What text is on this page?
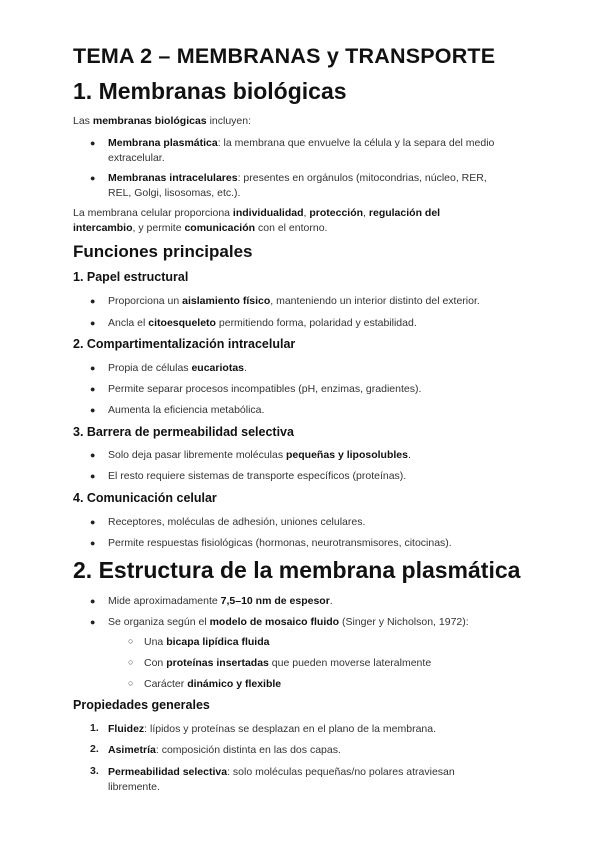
TEMA 2 – MEMBRANAS y TRANSPORTE
1. Membranas biológicas

Las membranas biológicas incluyen:

● Membrana plasmática: la membrana que envuelve la célula y la separa del medio
extracelular.

● Membranas intracelulares: presentes en orgánulos (mitocondrias, núcleo, RER,
REL, Golgi, lisosomas, etc.).

La membrana celular proporciona individualidad, protección, regulación del
intercambio, y permite comunicación con el entorno.

Funciones principales
1. Papel estructural
● Proporciona un aislamiento físico, manteniendo un interior distinto del exterior.

● Ancla el citoesqueleto permitiendo forma, polaridad y estabilidad.

2. Compartimentalización intracelular
● Propia de células eucariotas.

● Permite separar procesos incompatibles (pH, enzimas, gradientes).

● Aumenta la eficiencia metabólica.

3. Barrera de permeabilidad selectiva
● Solo deja pasar libremente moléculas pequeñas y liposolubles.

● El resto requiere sistemas de transporte específicos (proteínas).

4. Comunicación celular
● Receptores, moléculas de adhesión, uniones celulares.

● Permite respuestas fisiológicas (hormonas, neurotransmisores, citocinas).

2. Estructura de la membrana plasmática
● Mide aproximadamente 7,5–10 nm de espesor.

● Se organiza según el modelo de mosaico fluido (Singer y Nicholson, 1972):

○ Una bicapa lipídica fluida

○ Con proteínas insertadas que pueden moverse lateralmente

○ Carácter dinámico y flexible

Propiedades generales
1. Fluidez: lípidos y proteínas se desplazan en el plano de la membrana.

2. Asimetría: composición distinta en las dos capas.

3. Permeabilidad selectiva: solo moléculas pequeñas/no polares atraviesan
libremente.
